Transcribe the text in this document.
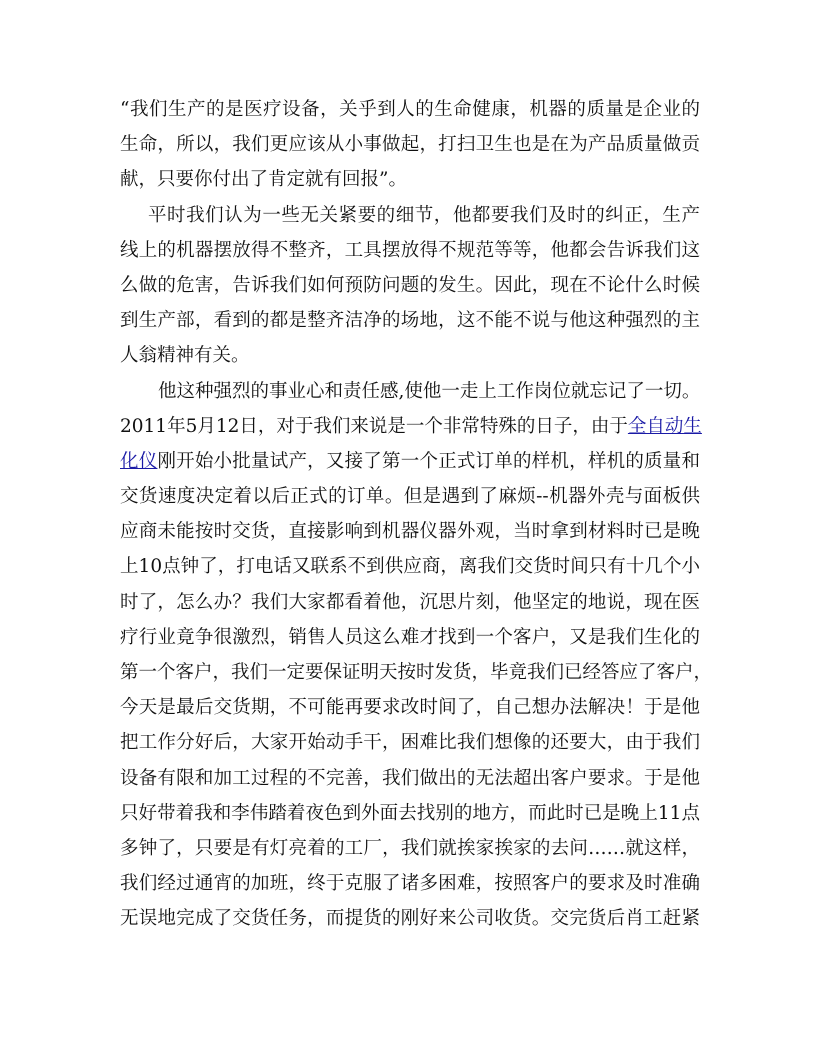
“我们生产的是医疗设备，关乎到人的生命健康，机器的质量是企业的
生命，所以，我们更应该从小事做起，打扫卫生也是在为产品质量做贡
献，只要你付出了肯定就有回报”。
平时我们认为一些无关紧要的细节，他都要我们及时的纠正，生产
线上的机器摆放得不整齐，工具摆放得不规范等等，他都会告诉我们这
么做的危害，告诉我们如何预防问题的发生。因此，现在不论什么时候
到生产部，看到的都是整齐洁净的场地，这不能不说与他这种强烈的主
人翁精神有关。
他这种强烈的事业心和责任感,使他一走上工作岗位就忘记了一切。
2011年5月12日，对于我们来说是一个非常特殊的日子，由于全自动生
化仪刚开始小批量试产，又接了第一个正式订单的样机，样机的质量和
交货速度决定着以后正式的订单。但是遇到了麻烦--机器外壳与面板供
应商未能按时交货，直接影响到机器仪器外观，当时拿到材料时已是晚
上10点钟了，打电话又联系不到供应商，离我们交货时间只有十几个小
时了，怎么办？我们大家都看着他，沉思片刻，他坚定的地说，现在医
疗行业竟争很激烈，销售人员这么难才找到一个客户，又是我们生化的
第一个客户，我们一定要保证明天按时发货，毕竟我们已经答应了客户，
今天是最后交货期，不可能再要求改时间了，自己想办法解决！于是他
把工作分好后，大家开始动手干，困难比我们想像的还要大，由于我们
设备有限和加工过程的不完善，我们做出的无法超出客户要求。于是他
只好带着我和李伟踏着夜色到外面去找别的地方，而此时已是晚上11点
多钟了，只要是有灯亮着的工厂，我们就挨家挨家的去问……就这样，
我们经过通宵的加班，终于克服了诸多困难，按照客户的要求及时准确
无误地完成了交货任务，而提货的刚好来公司收货。交完货后肖工赶紧
